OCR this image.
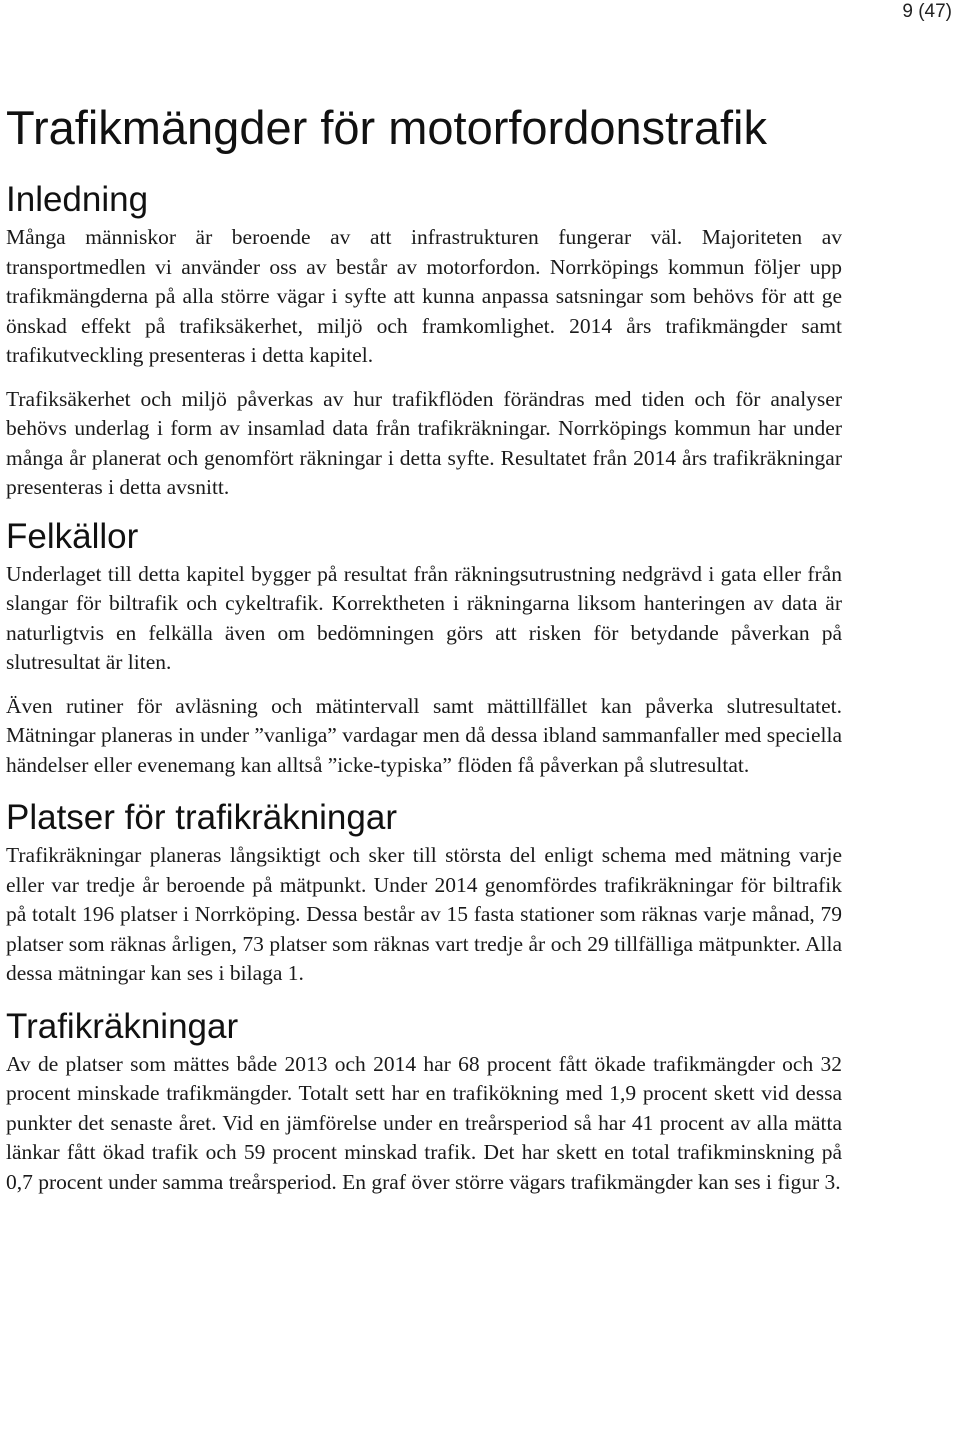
9 (47)
Trafikmängder för motorfordonstrafik
Inledning

Många människor är beroende av att infrastrukturen fungerar väl. Majoriteten av transportmedlen vi använder oss av består av motorfordon. Norrköpings kommun följer upp trafikmängderna på alla större vägar i syfte att kunna anpassa satsningar som behövs för att ge önskad effekt på trafiksäkerhet, miljö och framkomlighet. 2014 års trafikmängder samt trafikutveckling presenteras i detta kapitel.

Trafiksäkerhet och miljö påverkas av hur trafikflöden förändras med tiden och för analyser behövs underlag i form av insamlad data från trafikräkningar. Norrköpings kommun har under många år planerat och genomfört räkningar i detta syfte. Resultatet från 2014 års trafikräkningar presenteras i detta avsnitt.

Felkällor

Underlaget till detta kapitel bygger på resultat från räkningsutrustning nedgrävd i gata eller från slangar för biltrafik och cykeltrafik. Korrektheten i räkningarna liksom hanteringen av data är naturligtvis en felkälla även om bedömningen görs att risken för betydande påverkan på slutresultat är liten.

Även rutiner för avläsning och mätintervall samt mättillfället kan påverka slutresultatet. Mätningar planeras in under ”vanliga” vardagar men då dessa ibland sammanfaller med speciella händelser eller evenemang kan alltså ”icke-typiska” flöden få påverkan på slutresultat.

Platser för trafikräkningar

Trafikräkningar planeras långsiktigt och sker till största del enligt schema med mätning varje eller var tredje år beroende på mätpunkt. Under 2014 genomfördes trafikräkningar för biltrafik på totalt 196 platser i Norrköping. Dessa består av 15 fasta stationer som räknas varje månad, 79 platser som räknas årligen, 73 platser som räknas vart tredje år och 29 tillfälliga mätpunkter. Alla dessa mätningar kan ses i bilaga 1.

Trafikräkningar

Av de platser som mättes både 2013 och 2014 har 68 procent fått ökade trafikmängder och 32 procent minskade trafikmängder. Totalt sett har en trafikökning med 1,9 procent skett vid dessa punkter det senaste året. Vid en jämförelse under en treårsperiod så har 41 procent av alla mätta länkar fått ökad trafik och 59 procent minskad trafik. Det har skett en total trafikminskning på 0,7 procent under samma treårsperiod. En graf över större vägars trafikmängder kan ses i figur 3.
